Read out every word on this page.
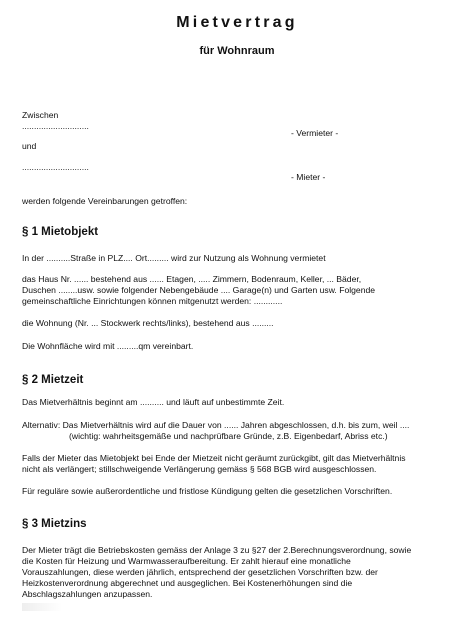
Mietvertrag
für Wohnraum
Zwischen
............................
- Vermieter -
und
............................
- Mieter -
werden folgende Vereinbarungen getroffen:
§ 1 Mietobjekt
In der ..........Straße in PLZ.... Ort......... wird zur Nutzung als Wohnung vermietet
das Haus Nr. ...... bestehend aus ...... Etagen, ..... Zimmern, Bodenraum, Keller, ... Bäder,
Duschen ........usw. sowie folgender Nebengebäude .... Garage(n) und Garten usw. Folgende
gemeinschaftliche Einrichtungen können mitgenutzt werden: ............
die Wohnung (Nr. ... Stockwerk rechts/links), bestehend aus .........
Die Wohnfläche wird mit .........qm vereinbart.
§ 2 Mietzeit
Das Mietverhältnis beginnt am .......... und läuft auf unbestimmte Zeit.
Alternativ: Das Mietverhältnis wird auf die Dauer von ...... Jahren abgeschlossen, d.h. bis zum, weil ....
(wichtig: wahrheitsgemäße und nachprüfbare Gründe, z.B. Eigenbedarf, Abriss etc.)
Falls der Mieter das Mietobjekt bei Ende der Mietzeit nicht geräumt zurückgibt, gilt das Mietverhältnis
nicht als verlängert; stillschweigende Verlängerung gemäss § 568 BGB wird ausgeschlossen.
Für reguläre sowie außerordentliche und fristlose Kündigung gelten die gesetzlichen Vorschriften.
§ 3 Mietzins
Der Mieter trägt die Betriebskosten gemäss der Anlage 3 zu §27 der 2.Berechnungsverordnung, sowie
die Kosten für Heizung und Warmwasseraufbereitung. Er zahlt hierauf eine monatliche
Vorauszahlungen, diese werden jährlich, entsprechend der gesetzlichen Vorschriften bzw. der
Heizkostenverordnung abgerechnet und ausgeglichen. Bei Kostenerhöhungen sind die
Abschlagszahlungen anzupassen.
